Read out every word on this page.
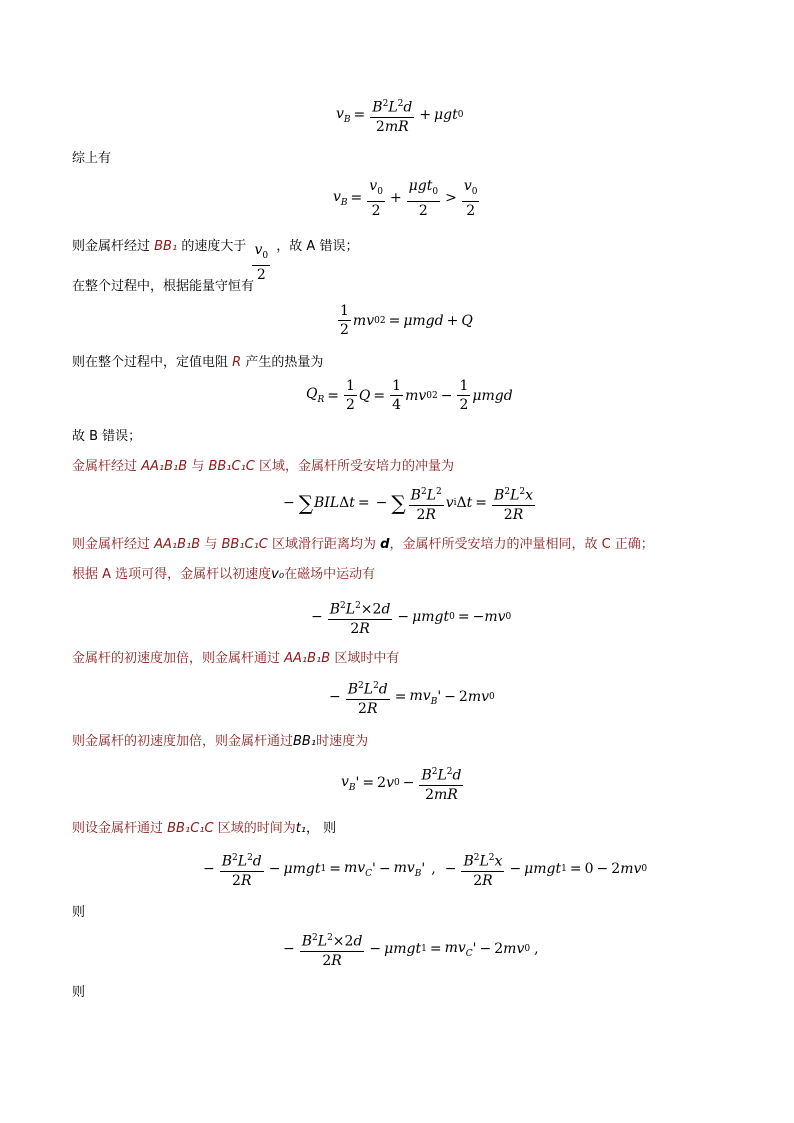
$v_B = \frac{B^2L^2d}{2mR} + \mu gt$ 0
综上有
$v_B = \frac{v_0}{2} + \frac{\mu gt_0}{2} > \frac{v_0}{2}$
则金属杆经过 BB₁ 的速度大于 $\frac{v_0}{2}$ ，故 A 错误；
在整个过程中，根据能量守恒有
$\frac{1}{2}$ mv 0 2 = μmgd + Q
则在整个过程中，定值电阻 R 产生的热量为
$Q_R = \frac{1}{2}$ $Q = \frac{1}{4}$ mv 0 $2 - \frac{1}{2}$ μmgd
故 B 错误；
金属杆经过 AA₁B₁B 与 BB₁C₁C 区域，金属杆所受安培力的冲量为
− ∑ BIL Δ t = − ∑ $\frac{B^2L^2}{2R}$ v i Δ $t = \frac{B^2L^2x}{2R}$
则金属杆经过 AA₁B₁B 与 BB₁C₁C 区域滑行距离均为 d，金属杆所受安培力的冲量相同，故 C 正确；
根据 A 选项可得，金属杆以初速度v₀在磁场中运动有
− $\frac{B^2L^2\times 2d}{2R} - \mu mgt$ 0 = − mv 0
金属杆的初速度加倍，则金属杆通过 AA₁B₁B 区域时中有
− $\frac{B^2L^2d}{2R} = mv_B$ ' − 2 mv 0
则金属杆的初速度加倍，则金属杆通过BB₁时速度为
$v_B$ ' = 2 v $0 - \frac{B^2L^2d}{2mR}$
则设金属杆通过 BB₁C₁C 区域的时间为t₁， 则
− $\frac{B^2L^2d}{2R} - \mu mgt$ $1 = mv_C$ ' − $mv_B$ ' , − $\frac{B^2L^2x}{2R} - \mu mgt$ 1 = 0 − 2 mv 0
则
− $\frac{B^2L^2\times 2d}{2R} - \mu mgt$ $1 = mv_C$ ' − 2 mv 0 ,
则
